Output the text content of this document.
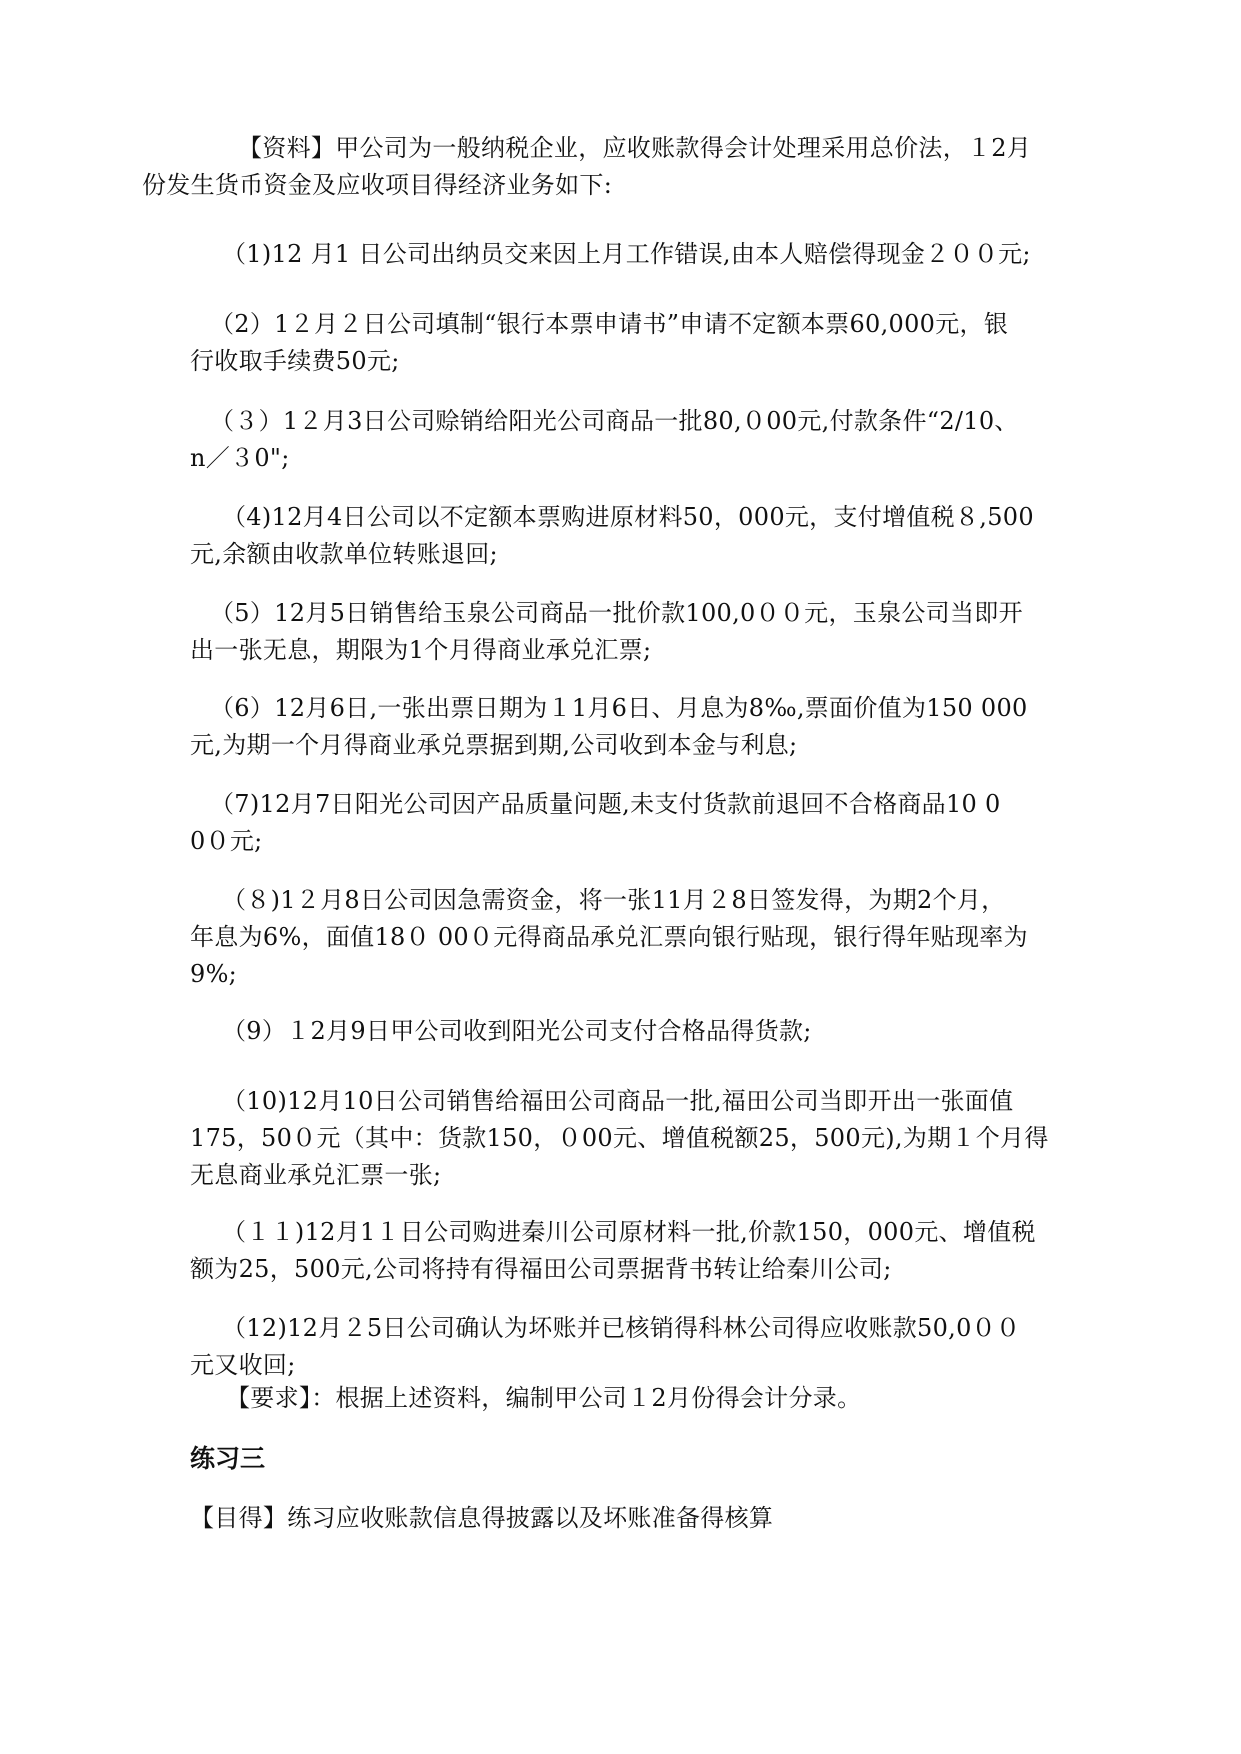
【资料】甲公司为一般纳税企业，应收账款得会计处理采用总价法，１2月
份发生货币资金及应收项目得经济业务如下:
（1)12 月1 日公司出纳员交来因上月工作错误,由本人赔偿得现金２００元;
（2）1２月２日公司填制“银行本票申请书”申请不定额本票60,000元，银
行收取手续费50元;
（３）1２月3日公司赊销给阳光公司商品一批80,０00元,付款条件“2/10、
n／３0";
（4)12月4日公司以不定额本票购进原材料50，000元，支付增值税８,500
元,余额由收款单位转账退回;
（5）12月5日销售给玉泉公司商品一批价款100,0００元，玉泉公司当即开
出一张无息，期限为1个月得商业承兑汇票;
（6）12月6日,一张出票日期为１1月6日、月息为8‰,票面价值为150 000
元,为期一个月得商业承兑票据到期,公司收到本金与利息;
（7)12月7日阳光公司因产品质量问题,未支付货款前退回不合格商品10 0
0０元;
（８)1２月8日公司因急需资金，将一张11月２8日签发得，为期2个月，
年息为6%，面值18０ 00０元得商品承兑汇票向银行贴现，银行得年贴现率为
9%;
（9）１2月9日甲公司收到阳光公司支付合格品得货款;
（10)12月10日公司销售给福田公司商品一批,福田公司当即开出一张面值
175，50０元（其中：货款150，０00元、增值税额25，500元),为期１个月得
无息商业承兑汇票一张;
（１１)12月1１日公司购进秦川公司原材料一批,价款150，000元、增值税
额为25，500元,公司将持有得福田公司票据背书转让给秦川公司;
（12)12月２5日公司确认为坏账并已核销得科林公司得应收账款50,0００
元又收回;
【要求】：根据上述资料，编制甲公司１2月份得会计分录。
练习三
【目得】练习应收账款信息得披露以及坏账准备得核算
